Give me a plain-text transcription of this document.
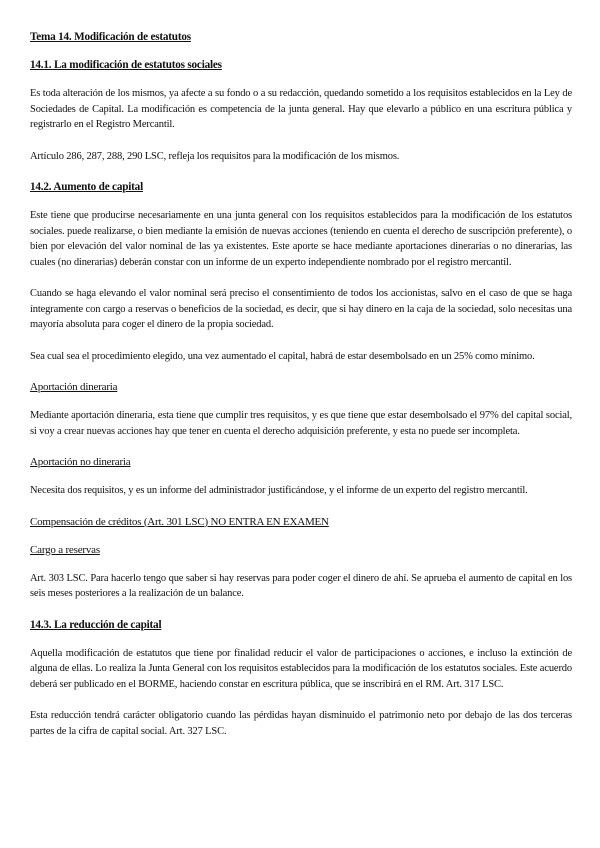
Tema 14. Modificación de estatutos

14.1. La modificación de estatutos sociales

Es toda alteración de los mismos, ya afecte a su fondo o a su redacción, quedando sometido a los requisitos establecidos en la Ley de Sociedades de Capital. La modificación es competencia de la junta general. Hay que elevarlo a público en una escritura pública y registrarlo en el Registro Mercantil.

Artículo 286, 287, 288, 290 LSC, refleja los requisitos para la modificación de los mismos.

14.2. Aumento de capital

Este tiene que producirse necesariamente en una junta general con los requisitos establecidos para la modificación de los estatutos sociales. puede realizarse, o bien mediante la emisión de nuevas acciones (teniendo en cuenta el derecho de suscripción preferente), o bien por elevación del valor nominal de las ya existentes. Este aporte se hace mediante aportaciones dinerarias o no dinerarias, las cuales (no dinerarias) deberán constar con un informe de un experto independiente nombrado por el registro mercantil.

Cuando se haga elevando el valor nominal será preciso el consentimiento de todos los accionistas, salvo en el caso de que se haga íntegramente con cargo a reservas o beneficios de la sociedad, es decir, que si hay dinero en la caja de la sociedad, solo necesitas una mayoría absoluta para coger el dinero de la propia sociedad.

Sea cual sea el procedimiento elegido, una vez aumentado el capital, habrá de estar desembolsado en un 25% como mínimo.

Aportación dineraria

Mediante aportación dineraria, esta tiene que cumplir tres requisitos, y es que tiene que estar desembolsado el 97% del capital social, si voy a crear nuevas acciones hay que tener en cuenta el derecho adquisición preferente, y esta no puede ser incompleta.

Aportación no dineraria

Necesita dos requisitos, y es un informe del administrador justificándose, y el informe de un experto del registro mercantil.

Compensación de créditos (Art. 301 LSC) NO ENTRA EN EXAMEN

Cargo a reservas

Art. 303 LSC. Para hacerlo tengo que saber si hay reservas para poder coger el dinero de ahí. Se aprueba el aumento de capital en los seis meses posteriores a la realización de un balance.

14.3. La reducción de capital

Aquella modificación de estatutos que tiene por finalidad reducir el valor de participaciones o acciones, e incluso la extinción de alguna de ellas. Lo realiza la Junta General con los requisitos establecidos para la modificación de los estatutos sociales. Este acuerdo deberá ser publicado en el BORME, haciendo constar en escritura pública, que se inscribirá en el RM. Art. 317 LSC.

Esta reducción tendrá carácter obligatorio cuando las pérdidas hayan disminuido el patrimonio neto por debajo de las dos terceras partes de la cifra de capital social. Art. 327 LSC.
